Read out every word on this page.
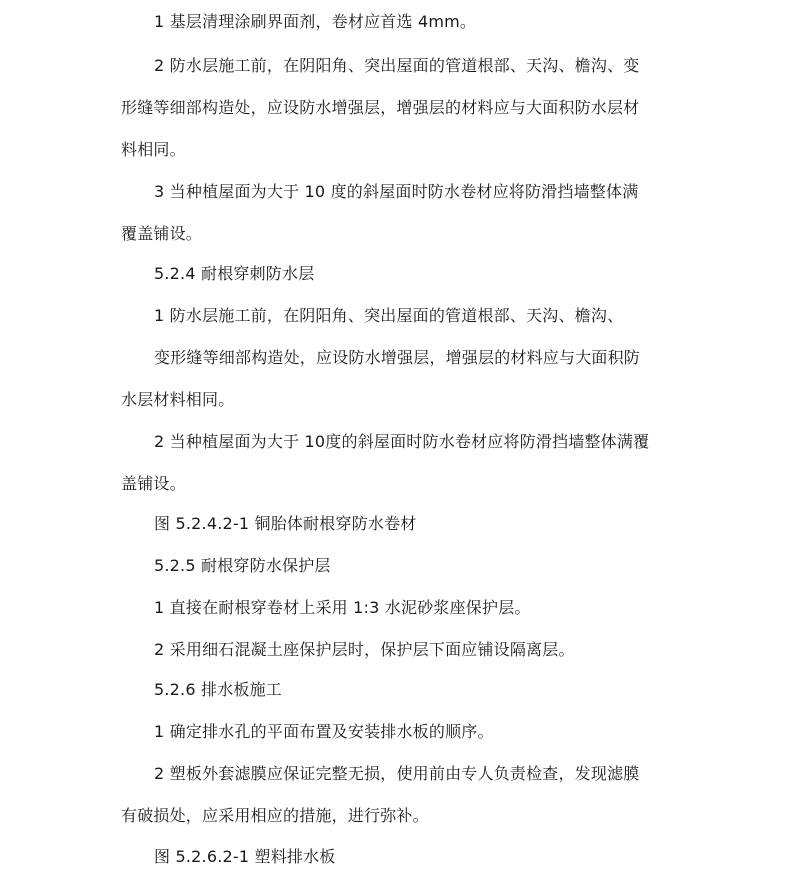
1 基层清理涂刷界面剂，卷材应首选 4mm。
2 防水层施工前，在阴阳角、突出屋面的管道根部、天沟、檐沟、变
形缝等细部构造处，应设防水增强层，增强层的材料应与大面积防水层材
料相同。
3 当种植屋面为大于 10 度的斜屋面时防水卷材应将防滑挡墙整体满
覆盖铺设。
5.2.4 耐根穿刺防水层
1 防水层施工前，在阴阳角、突出屋面的管道根部、天沟、檐沟、
变形缝等细部构造处，应设防水增强层，增强层的材料应与大面积防
水层材料相同。
2 当种植屋面为大于 10度的斜屋面时防水卷材应将防滑挡墙整体满覆
盖铺设。
图 5.2.4.2-1 铜胎体耐根穿防水卷材
5.2.5 耐根穿防水保护层
1 直接在耐根穿卷材上采用 1:3 水泥砂浆座保护层。
2 采用细石混凝土座保护层时，保护层下面应铺设隔离层。
5.2.6 排水板施工
1 确定排水孔的平面布置及安装排水板的顺序。
2 塑板外套滤膜应保证完整无损，使用前由专人负责检查，发现滤膜
有破损处，应采用相应的措施，进行弥补。
图 5.2.6.2-1 塑料排水板
